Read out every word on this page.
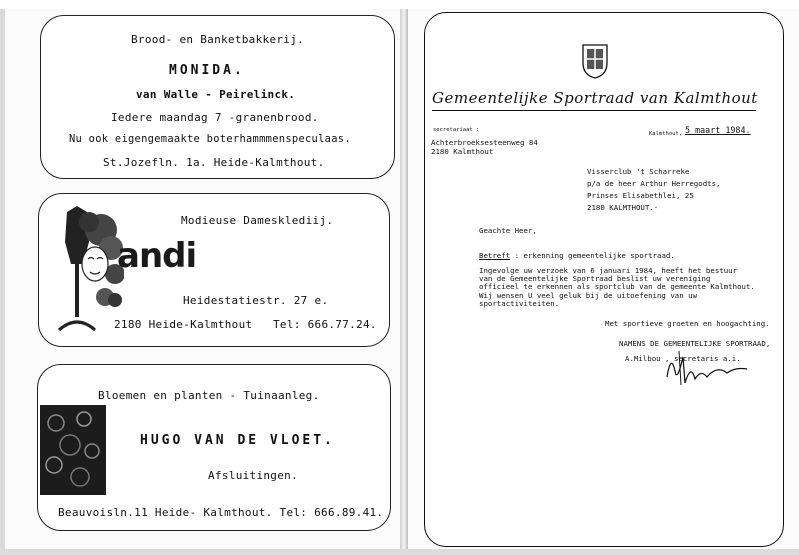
Brood- en Banketbakkerij.
MONIDA.
van Walle - Peirelinck.
Iedere maandag 7 -granenbrood.
Nu ook eigengemaakte boterhammmenspeculaas.
St.Jozefln. 1a. Heide-Kalmthout.
Modieuse Damesklediij.
andi
Heidestatiestr. 27 e.
2180 Heide-Kalmthout Tel: 666.77.24.
Bloemen en planten - Tuinaanleg.
HUGO VAN DE VLOET.
Afsluitingen.
Beauvoisln.11 Heide- Kalmthout. Tel: 666.89.41.
Gemeentelijke Sportraad van Kalmthout
secretariaat :
Kalmthout, 5 maart 1984.
Achterbroeksesteenweg 84
2180 Kalmthout
Visserclub 't Scharreke
p/a de heer Arthur Herregodts,
Prinses Elisabethlei, 25
2180 KALMTHOUT.-
Geachte Heer,
Betreft : erkenning gemeentelijke sportraad.
Ingevolge uw verzoek van 6 januari 1984, heeft het bestuur
van de Gemeentelijke Sportraad beslist uw vereniging
officieel te erkennen als sportclub van de gemeente Kalmthout.
Wij wensen U veel geluk bij de uitoefening van uw
sportactiviteiten.
Met sportieve groeten en hoogachting.
NAMENS DE GEMEENTELIJKE SPORTRAAD,
A.Milbou , secretaris a.i.
